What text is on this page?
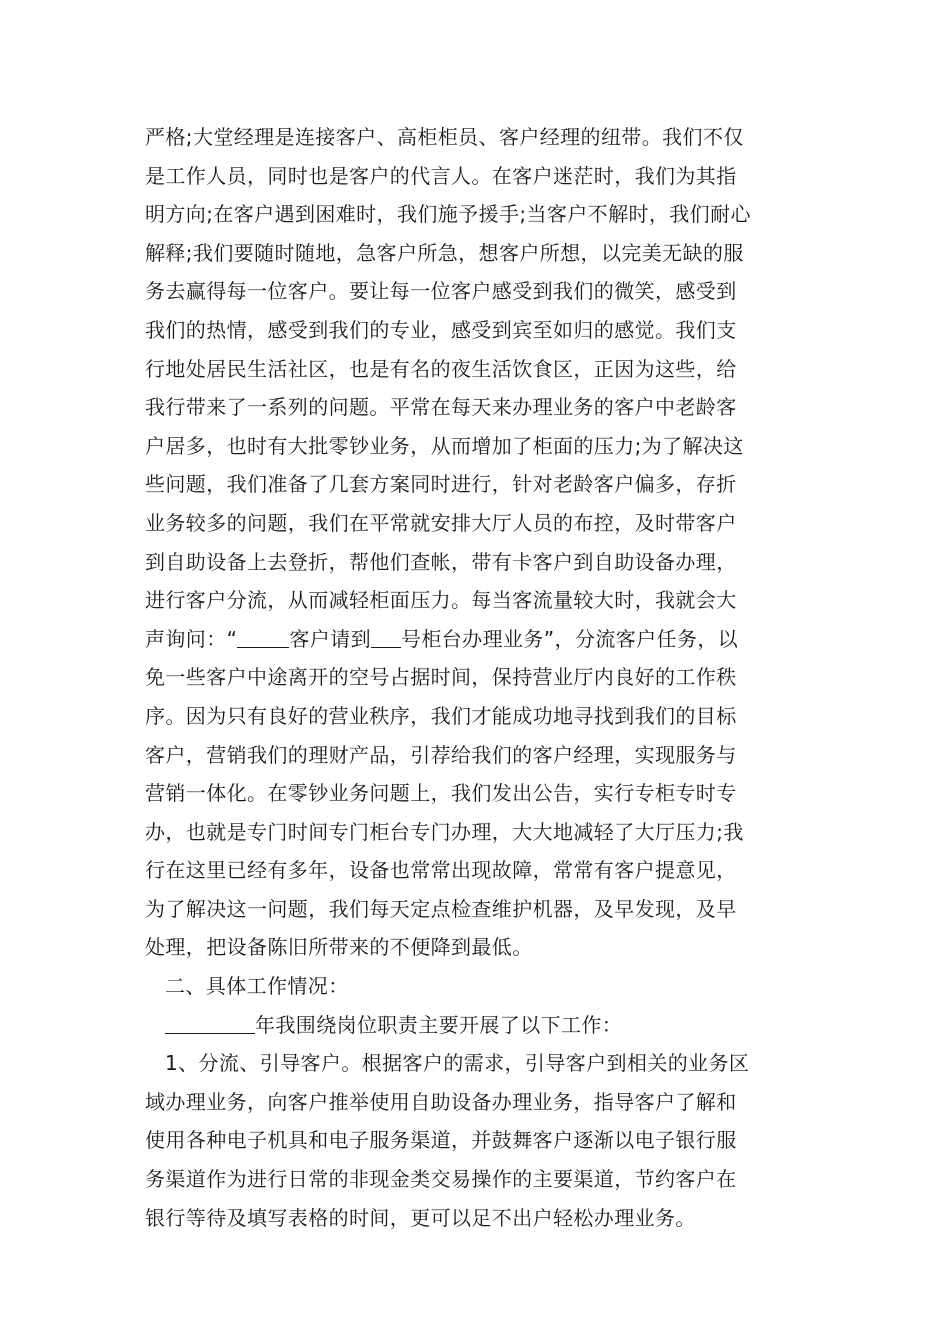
严格;大堂经理是连接客户、高柜柜员、客户经理的纽带。我们不仅
是工作人员，同时也是客户的代言人。在客户迷茫时，我们为其指
明方向;在客户遇到困难时，我们施予援手;当客户不解时，我们耐心
解释;我们要随时随地，急客户所急，想客户所想，以完美无缺的服
务去赢得每一位客户。要让每一位客户感受到我们的微笑，感受到
我们的热情，感受到我们的专业，感受到宾至如归的感觉。我们支
行地处居民生活社区，也是有名的夜生活饮食区，正因为这些，给
我行带来了一系列的问题。平常在每天来办理业务的客户中老龄客
户居多，也时有大批零钞业务，从而增加了柜面的压力;为了解决这
些问题，我们准备了几套方案同时进行，针对老龄客户偏多，存折
业务较多的问题，我们在平常就安排大厅人员的布控，及时带客户
到自助设备上去登折，帮他们查帐，带有卡客户到自助设备办理，
进行客户分流，从而减轻柜面压力。每当客流量较大时，我就会大
声询问：“	客户请到 号柜台办理业务”，分流客户任务，以
免一些客户中途离开的空号占据时间，保持营业厅内良好的工作秩
序。因为只有良好的营业秩序，我们才能成功地寻找到我们的目标
客户，营销我们的理财产品，引荐给我们的客户经理，实现服务与
营销一体化。在零钞业务问题上，我们发出公告，实行专柜专时专
办，也就是专门时间专门柜台专门办理，大大地减轻了大厅压力;我
行在这里已经有多年，设备也常常出现故障，常常有客户提意见，
为了解决这一问题，我们每天定点检查维护机器，及早发现，及早
处理，把设备陈旧所带来的不便降到最低。
二、具体工作情况：
年我围绕岗位职责主要开展了以下工作：
1、分流、引导客户。根据客户的需求，引导客户到相关的业务区
域办理业务，向客户推举使用自助设备办理业务，指导客户了解和
使用各种电子机具和电子服务渠道，并鼓舞客户逐渐以电子银行服
务渠道作为进行日常的非现金类交易操作的主要渠道，节约客户在
银行等待及填写表格的时间，更可以足不出户轻松办理业务。
